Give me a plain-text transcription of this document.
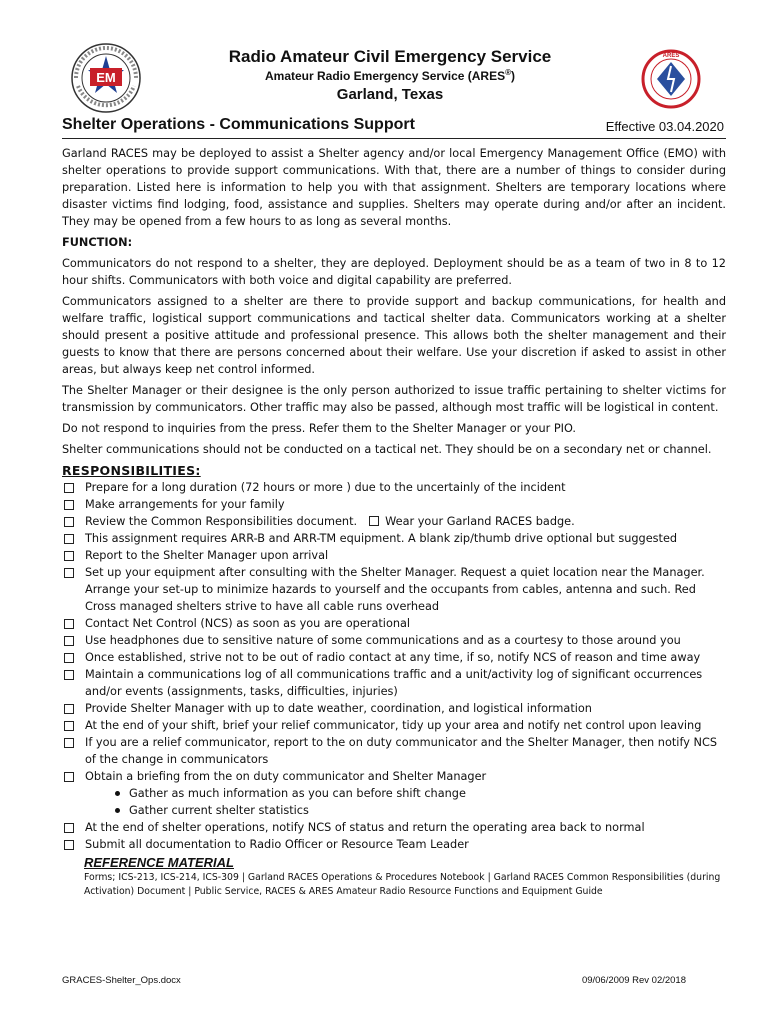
EM
ARES
Radio Amateur Civil Emergency Service
Amateur Radio Emergency Service (ARES®)
Garland, Texas
Shelter Operations - Communications Support	Effective 03.04.2020

Garland RACES may be deployed to assist a Shelter agency and/or local Emergency Management Office (EMO) with shelter operations to provide support communications. With that, there are a number of things to consider during preparation. Listed here is information to help you with that assignment. Shelters are temporary locations where disaster victims find lodging, food, assistance and supplies. Shelters may operate during and/or after an incident. They may be opened from a few hours to as long as several months.

FUNCTION:

Communicators do not respond to a shelter, they are deployed. Deployment should be as a team of two in 8 to 12 hour shifts. Communicators with both voice and digital capability are preferred.

Communicators assigned to a shelter are there to provide support and backup communications, for health and welfare traffic, logistical support communications and tactical shelter data. Communicators working at a shelter should present a positive attitude and professional presence. This allows both the shelter management and their guests to know that there are persons concerned about their welfare. Use your discretion if asked to assist in other areas, but always keep net control informed.

The Shelter Manager or their designee is the only person authorized to issue traffic pertaining to shelter victims for transmission by communicators. Other traffic may also be passed, although most traffic will be logistical in content.

Do not respond to inquiries from the press. Refer them to the Shelter Manager or your PIO.

Shelter communications should not be conducted on a tactical net. They should be on a secondary net or channel.

RESPONSIBILITIES:
Prepare for a long duration (72 hours or more ) due to the uncertainly of the incident
Make arrangements for your family
Review the Common Responsibilities document. Wear your Garland RACES badge.
This assignment requires ARR-B and ARR-TM equipment. A blank zip/thumb drive optional but suggested
Report to the Shelter Manager upon arrival
Set up your equipment after consulting with the Shelter Manager. Request a quiet location near the Manager. Arrange your set-up to minimize hazards to yourself and the occupants from cables, antenna and such. Red Cross managed shelters strive to have all cable runs overhead
Contact Net Control (NCS) as soon as you are operational
Use headphones due to sensitive nature of some communications and as a courtesy to those around you
Once established, strive not to be out of radio contact at any time, if so, notify NCS of reason and time away
Maintain a communications log of all communications traffic and a unit/activity log of significant occurrences and/or events (assignments, tasks, difficulties, injuries)
Provide Shelter Manager with up to date weather, coordination, and logistical information
At the end of your shift, brief your relief communicator, tidy up your area and notify net control upon leaving
If you are a relief communicator, report to the on duty communicator and the Shelter Manager, then notify NCS of the change in communicators
Obtain a briefing from the on duty communicator and Shelter Manager
Gather as much information as you can before shift change
Gather current shelter statistics
At the end of shelter operations, notify NCS of status and return the operating area back to normal
Submit all documentation to Radio Officer or Resource Team Leader
REFERENCE MATERIAL
Forms; ICS-213, ICS-214, ICS-309 | Garland RACES Operations & Procedures Notebook | Garland RACES Common Responsibilities (during Activation) Document | Public Service, RACES & ARES Amateur Radio Resource Functions and Equipment Guide
GRACES-Shelter_Ops.docx	09/06/2009 Rev 02/2018
